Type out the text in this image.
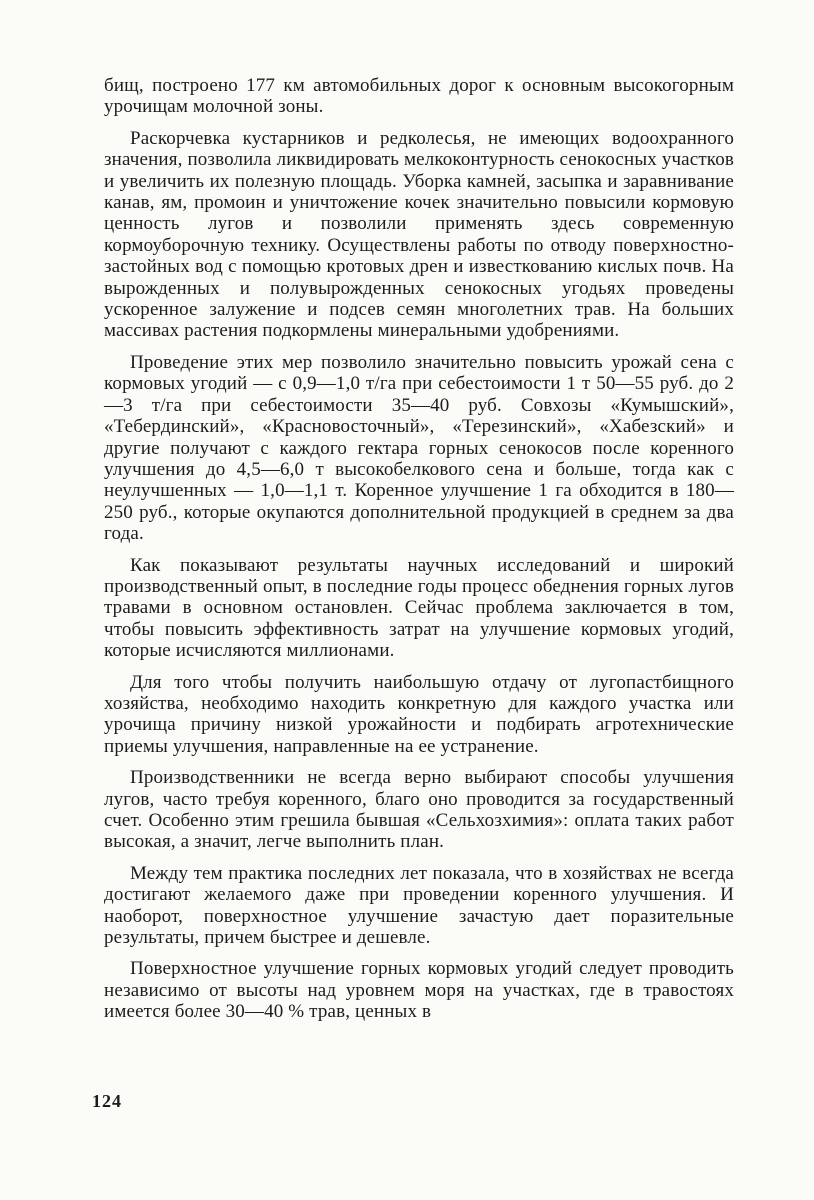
бищ, построено 177 км автомобильных дорог к основным высокогорным урочищам молочной зоны.

Раскорчевка кустарников и редколесья, не имеющих водоохранного значения, позволила ликвидировать мелкоконтурность сенокосных участков и увеличить их полезную площадь. Уборка камней, засыпка и заравнивание канав, ям, промоин и уничтожение кочек значительно повысили кормовую ценность лугов и позволили применять здесь современную кормоуборочную технику. Осуществлены работы по отводу поверхностно-застойных вод с помощью кротовых дрен и известкованию кислых почв. На вырожденных и полувырожденных сенокосных угодьях проведены ускоренное залужение и подсев семян многолетних трав. На больших массивах растения подкормлены минеральными удобрениями.

Проведение этих мер позволило значительно повысить урожай сена с кормовых угодий — с 0,9—1,0 т/га при себестоимости 1 т 50—55 руб. до 2—3 т/га при себестоимости 35—40 руб. Совхозы «Кумышский», «Тебердинский», «Красновосточный», «Терезинский», «Хабезский» и другие получают с каждого гектара горных сенокосов после коренного улучшения до 4,5—6,0 т высокобелкового сена и больше, тогда как с неулучшенных — 1,0—1,1 т. Коренное улучшение 1 га обходится в 180—250 руб., которые окупаются дополнительной продукцией в среднем за два года.

Как показывают результаты научных исследований и широкий производственный опыт, в последние годы процесс обеднения горных лугов травами в основном остановлен. Сейчас проблема заключается в том, чтобы повысить эффективность затрат на улучшение кормовых угодий, которые исчисляются миллионами.

Для того чтобы получить наибольшую отдачу от лугопастбищного хозяйства, необходимо находить конкретную для каждого участка или урочища причину низкой урожайности и подбирать агротехнические приемы улучшения, направленные на ее устранение.

Производственники не всегда верно выбирают способы улучшения лугов, часто требуя коренного, благо оно проводится за государственный счет. Особенно этим грешила бывшая «Сельхозхимия»: оплата таких работ высокая, а значит, легче выполнить план.

Между тем практика последних лет показала, что в хозяйствах не всегда достигают желаемого даже при проведении коренного улучшения. И наоборот, поверхностное улучшение зачастую дает поразительные результаты, причем быстрее и дешевле.

Поверхностное улучшение горных кормовых угодий следует проводить независимо от высоты над уровнем моря на участках, где в травостоях имеется более 30—40 % трав, ценных в

124
